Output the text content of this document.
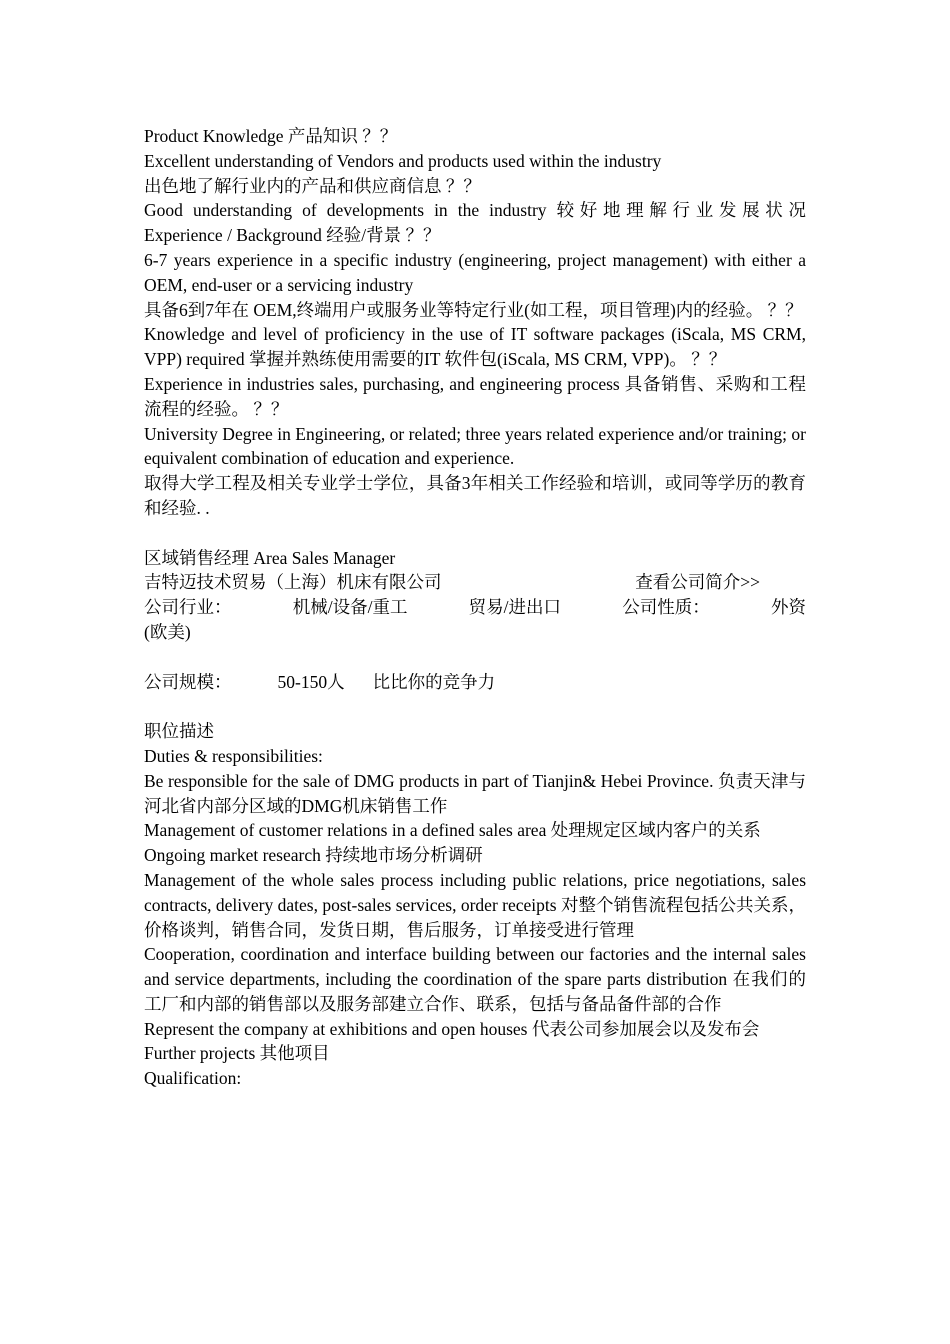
Product Knowledge 产品知识 ？？

Excellent understanding of Vendors and products used within the industry

出色地了解行业内的产品和供应商信息 ？？

Good understanding of developments in the industry 较好地理解行业发展状况

Experience / Background 经验/背景 ？？

6-7 years experience in a specific industry (engineering, project management) with either a OEM, end-user or a servicing industry

具备6到7年在 OEM,终端用户或服务业等特定行业(如工程，项目管理)内的经验。 ？？

Knowledge and level of proficiency in the use of IT software packages (iScala, MS CRM, VPP) required 掌握并熟练使用需要的IT 软件包(iScala, MS CRM, VPP)。 ？？

Experience in industries sales, purchasing, and engineering process 具备销售、采购和工程流程的经验。 ？？

University Degree in Engineering, or related; three years related experience and/or training; or equivalent combination of education and experience.

取得大学工程及相关专业学士学位，具备3年相关工作经验和培训，或同等学历的教育和经验. .

区域销售经理 Area Sales Manager

吉特迈技术贸易（上海）机床有限公司	查看公司简介>>
公司行业：	机械/设备/重工	贸易/进出口	公司性质：	外资

(欧美)

公司规模：	50-150人 比比你的竞争力

职位描述

Duties & responsibilities:

Be responsible for the sale of DMG products in part of Tianjin& Hebei Province. 负责天津与河北省内部分区域的DMG机床销售工作

Management of customer relations in a defined sales area 处理规定区域内客户的关系

Ongoing market research 持续地市场分析调研

Management of the whole sales process including public relations, price negotiations, sales contracts, delivery dates, post-sales services, order receipts 对整个销售流程包括公共关系，价格谈判，销售合同，发货日期，售后服务，订单接受进行管理

Cooperation, coordination and interface building between our factories and the internal sales and service departments, including the coordination of the spare parts distribution 在我们的工厂和内部的销售部以及服务部建立合作、联系，包括与备品备件部的合作

Represent the company at exhibitions and open houses 代表公司参加展会以及发布会

Further projects 其他项目

Qualification:
